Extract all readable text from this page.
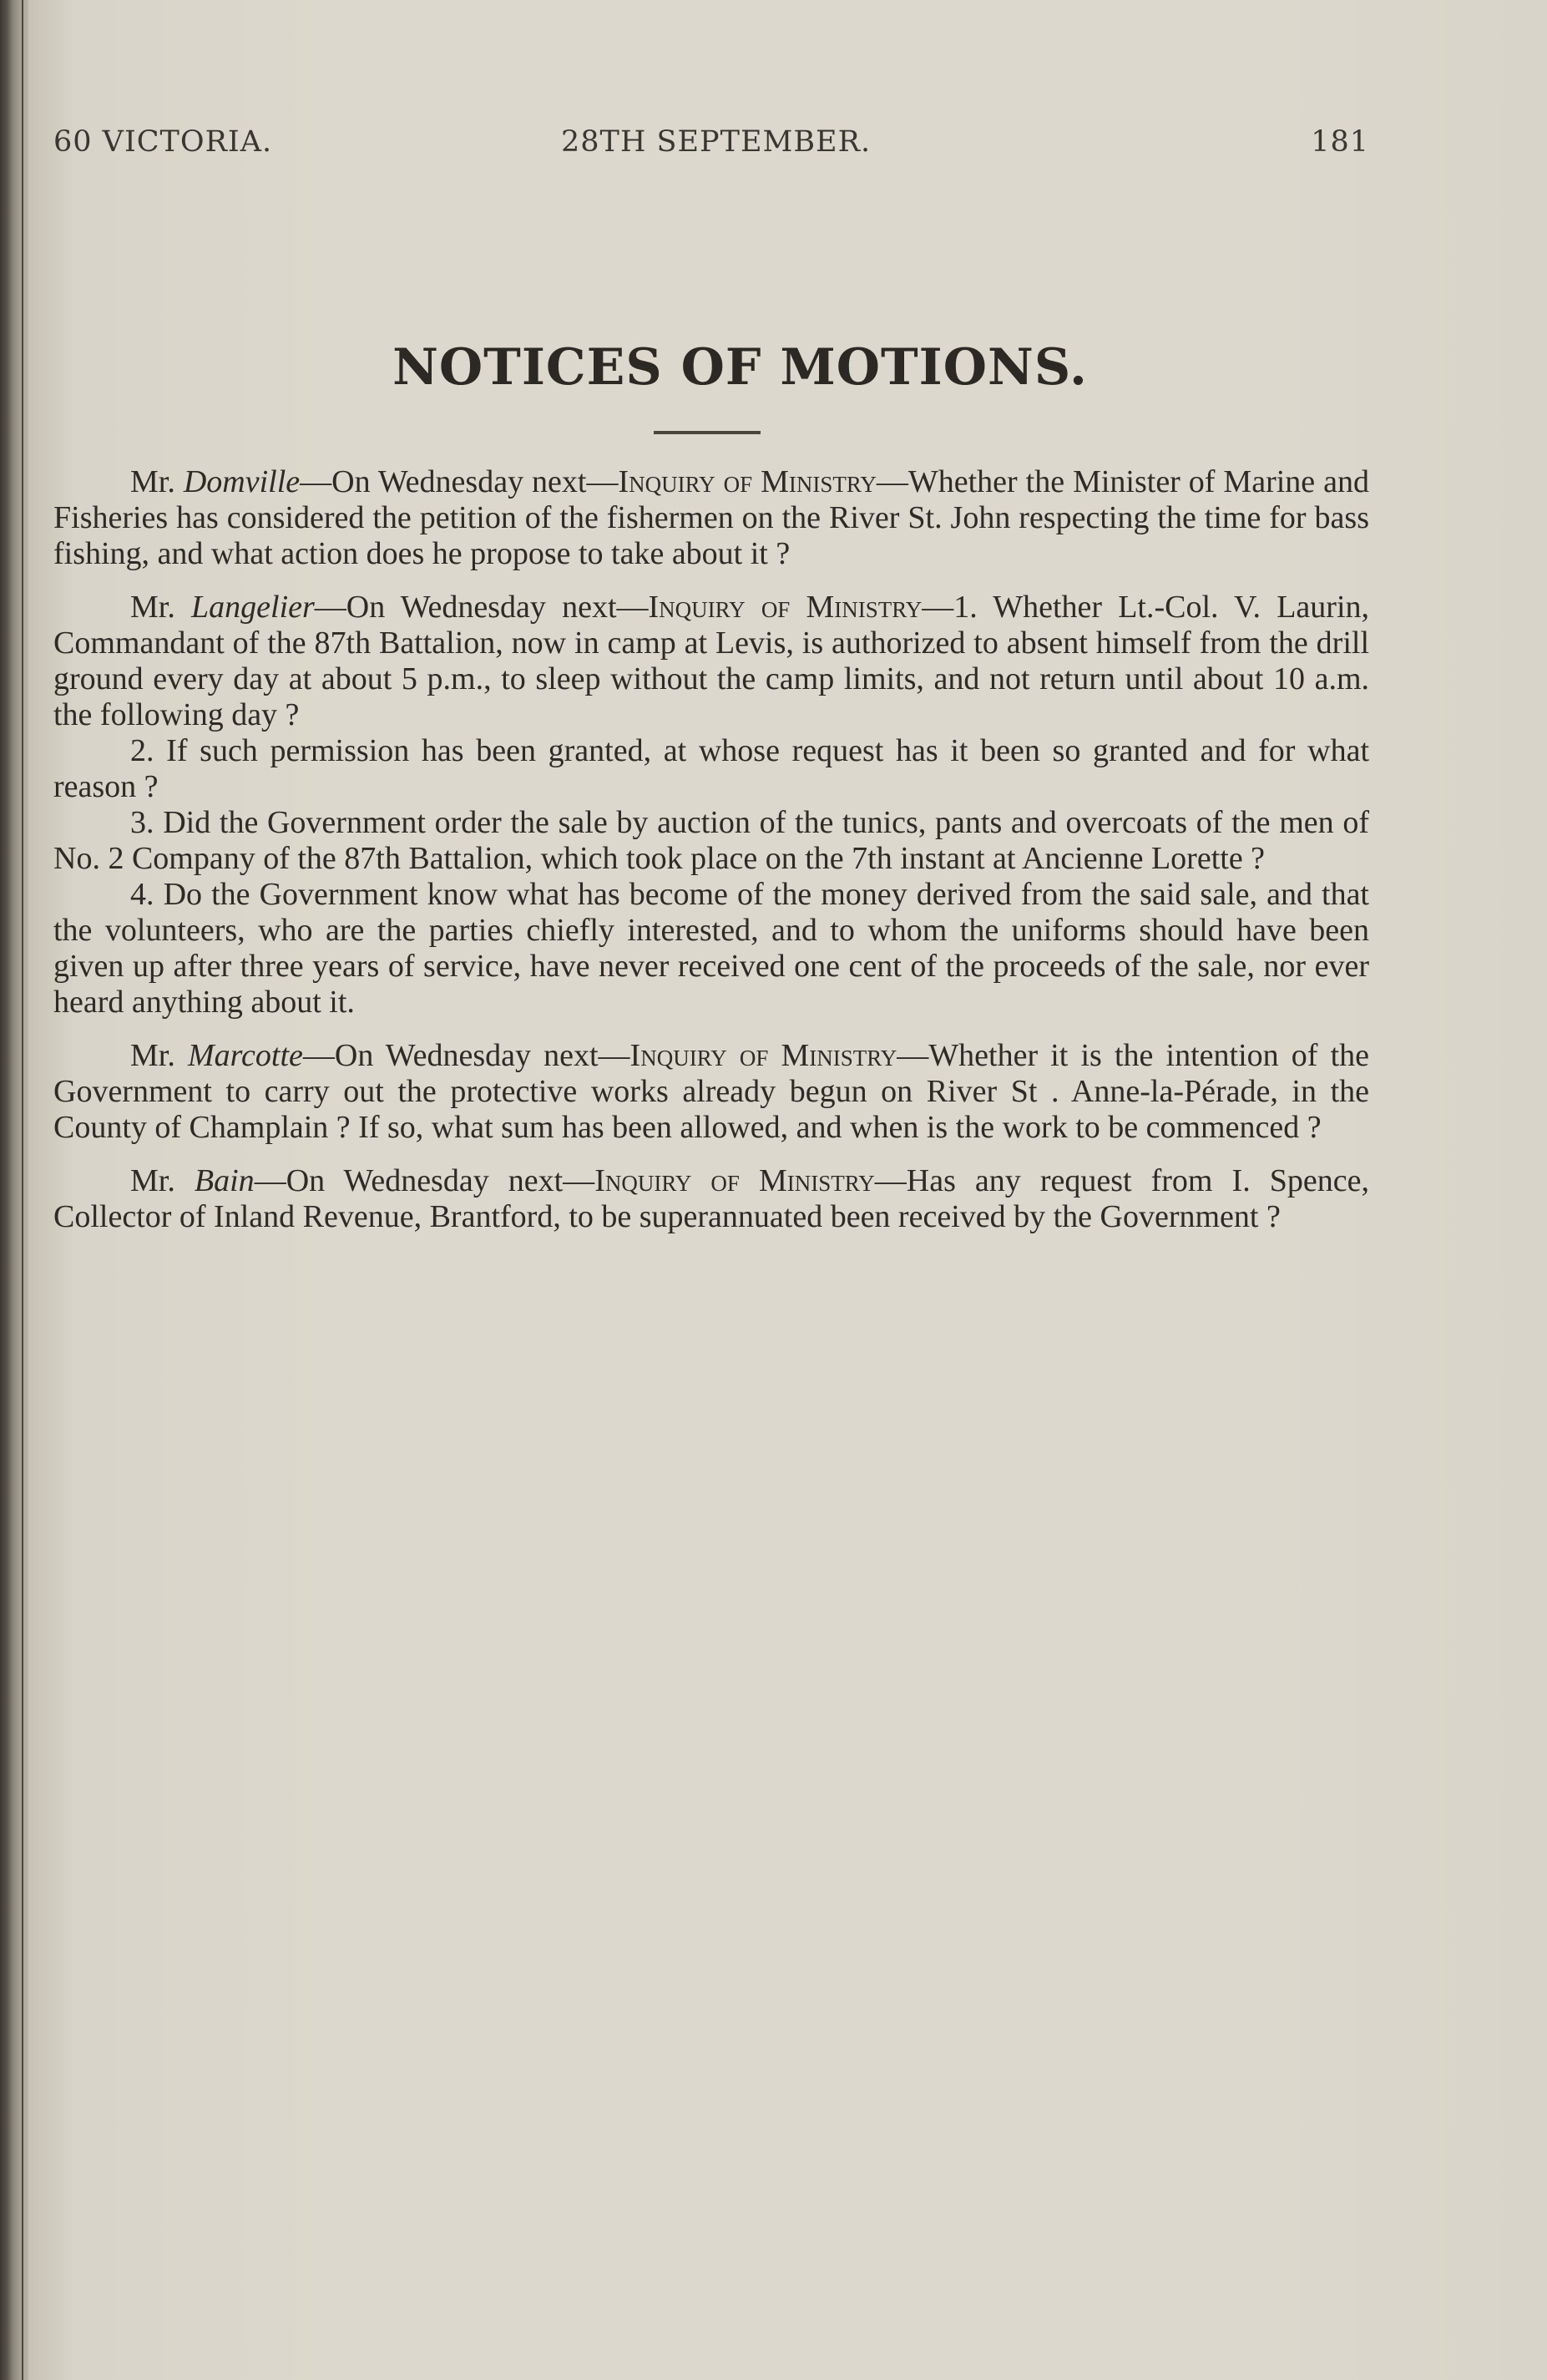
60 VICTORIA.	28TH SEPTEMBER.	181
NOTICES OF MOTIONS.

Mr. Domville—On Wednesday next—Inquiry of Ministry—Whether the Minister of Marine and Fisheries has considered the petition of the fishermen on the River St. John respecting the time for bass fishing, and what action does he propose to take about it ?

Mr. Langelier—On Wednesday next—Inquiry of Ministry—1. Whether Lt.-Col. V. Laurin, Commandant of the 87th Battalion, now in camp at Levis, is authorized to absent himself from the drill ground every day at about 5 p.m., to sleep without the camp limits, and not return until about 10 a.m. the following day ?

2. If such permission has been granted, at whose request has it been so granted and for what reason ?

3. Did the Government order the sale by auction of the tunics, pants and overcoats of the men of No. 2 Company of the 87th Battalion, which took place on the 7th instant at Ancienne Lorette ?

4. Do the Government know what has become of the money derived from the said sale, and that the volunteers, who are the parties chiefly interested, and to whom the uniforms should have been given up after three years of service, have never received one cent of the proceeds of the sale, nor ever heard anything about it.

Mr. Marcotte—On Wednesday next—Inquiry of Ministry—Whether it is the intention of the Government to carry out the protective works already begun on River St . Anne-la-Pérade, in the County of Champlain ? If so, what sum has been allowed, and when is the work to be commenced ?

Mr. Bain—On Wednesday next—Inquiry of Ministry—Has any request from I. Spence, Collector of Inland Revenue, Brantford, to be superannuated been received by the Government ?
